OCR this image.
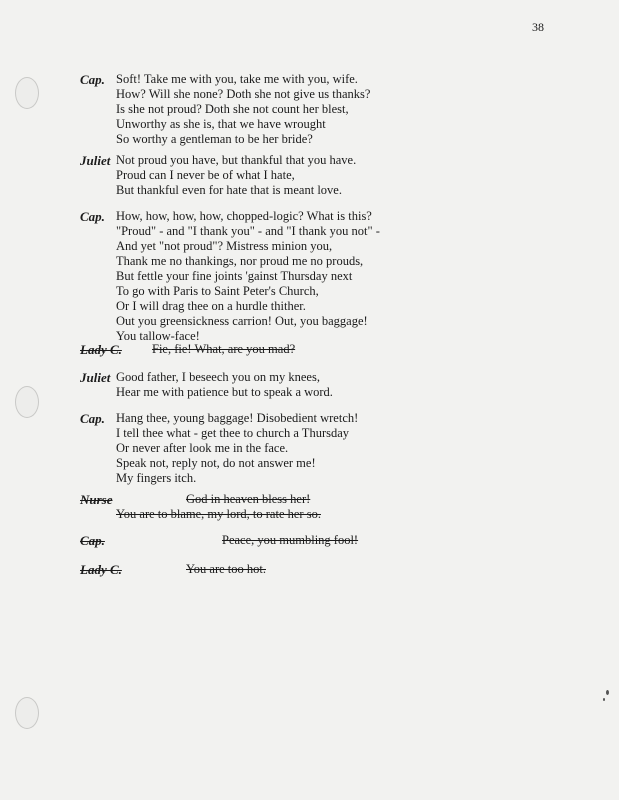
38
Cap. Soft! Take me with you, take me with you, wife.
How? Will she none? Doth she not give us thanks?
Is she not proud? Doth she not count her blest,
Unworthy as she is, that we have wrought
So worthy a gentleman to be her bride?
Juliet Not proud you have, but thankful that you have.
Proud can I never be of what I hate,
But thankful even for hate that is meant love.
Cap. How, how, how, how, chopped-logic? What is this?
"Proud" - and "I thank you" - and "I thank you not" -
And yet "not proud"? Mistress minion you,
Thank me no thankings, nor proud me no prouds,
But fettle your fine joints 'gainst Thursday next
To go with Paris to Saint Peter's Church,
Or I will drag thee on a hurdle thither.
Out you greensickness carrion! Out, you baggage!
You tallow-face!
Lady C.	Fie, fie! What, are you mad?
Juliet Good father, I beseech you on my knees,
Hear me with patience but to speak a word.
Cap. Hang thee, young baggage! Disobedient wretch!
I tell thee what - get thee to church a Thursday
Or never after look me in the face.
Speak not, reply not, do not answer me!
My fingers itch.
Nurse	God in heaven bless her!
You are to blame, my lord, to rate her so.
Cap.	Peace, you mumbling fool!
Lady C.	You are too hot.
